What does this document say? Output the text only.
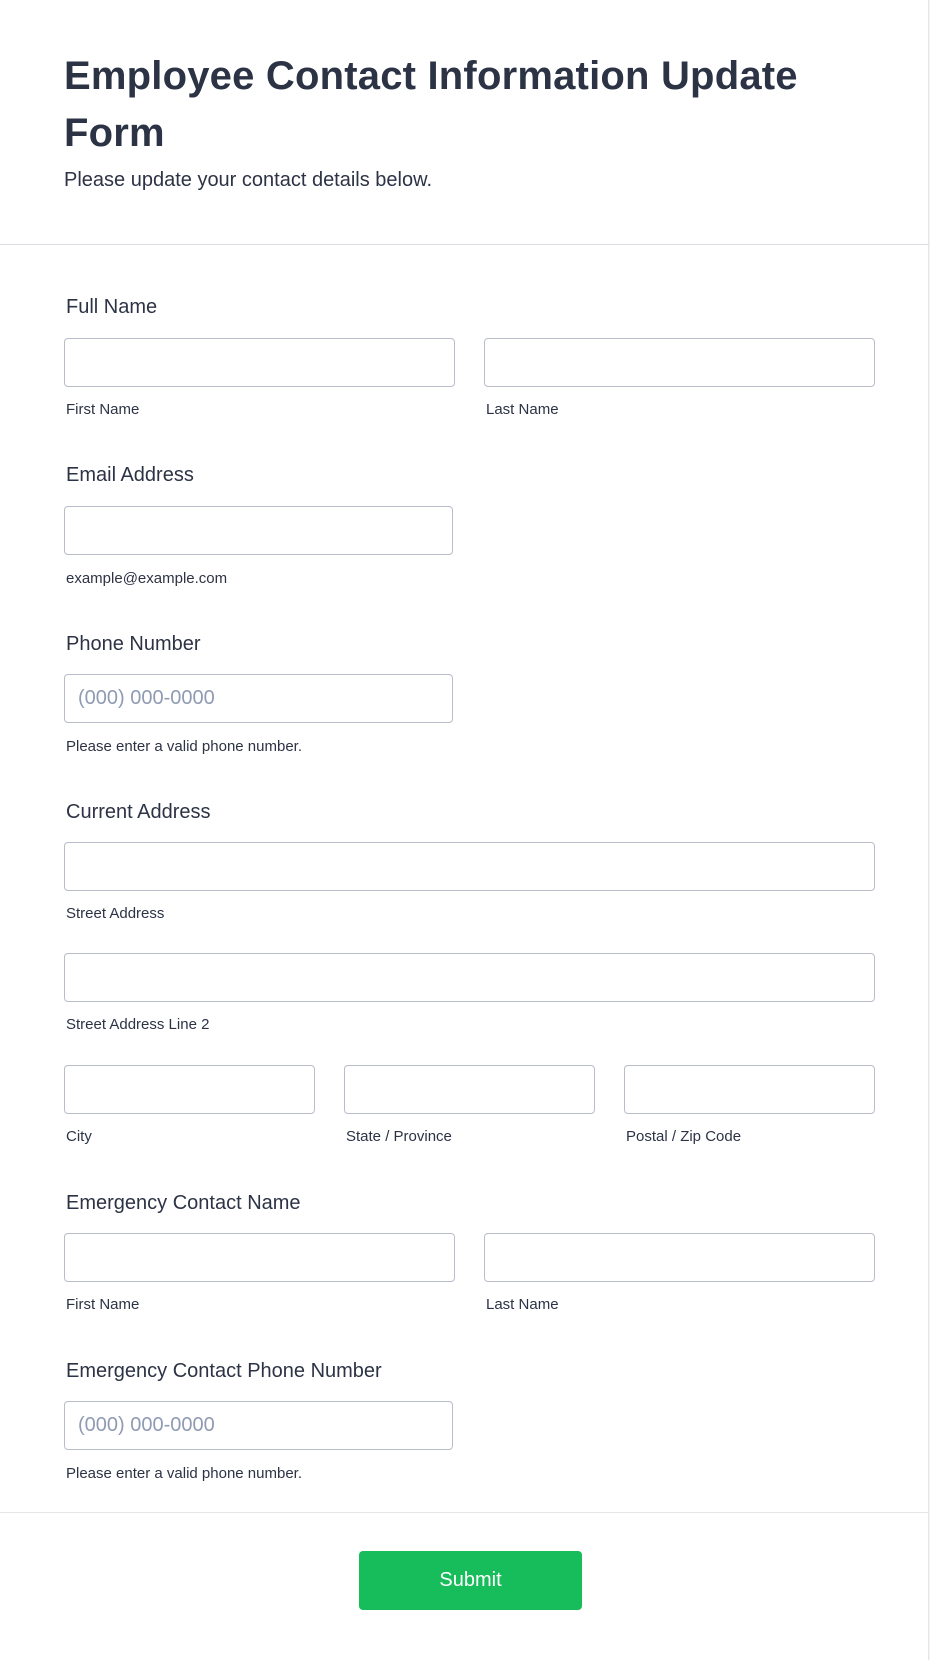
Employee Contact Information Update Form

Please update your contact details below.

Full Name
First Name	Last Name
Email Address
example@example.com
Phone Number
(000) 000-0000
Please enter a valid phone number.
Current Address
Street Address
Street Address Line 2
City	State / Province	Postal / Zip Code
Emergency Contact Name
First Name	Last Name
Emergency Contact Phone Number
(000) 000-0000
Please enter a valid phone number.
Submit
